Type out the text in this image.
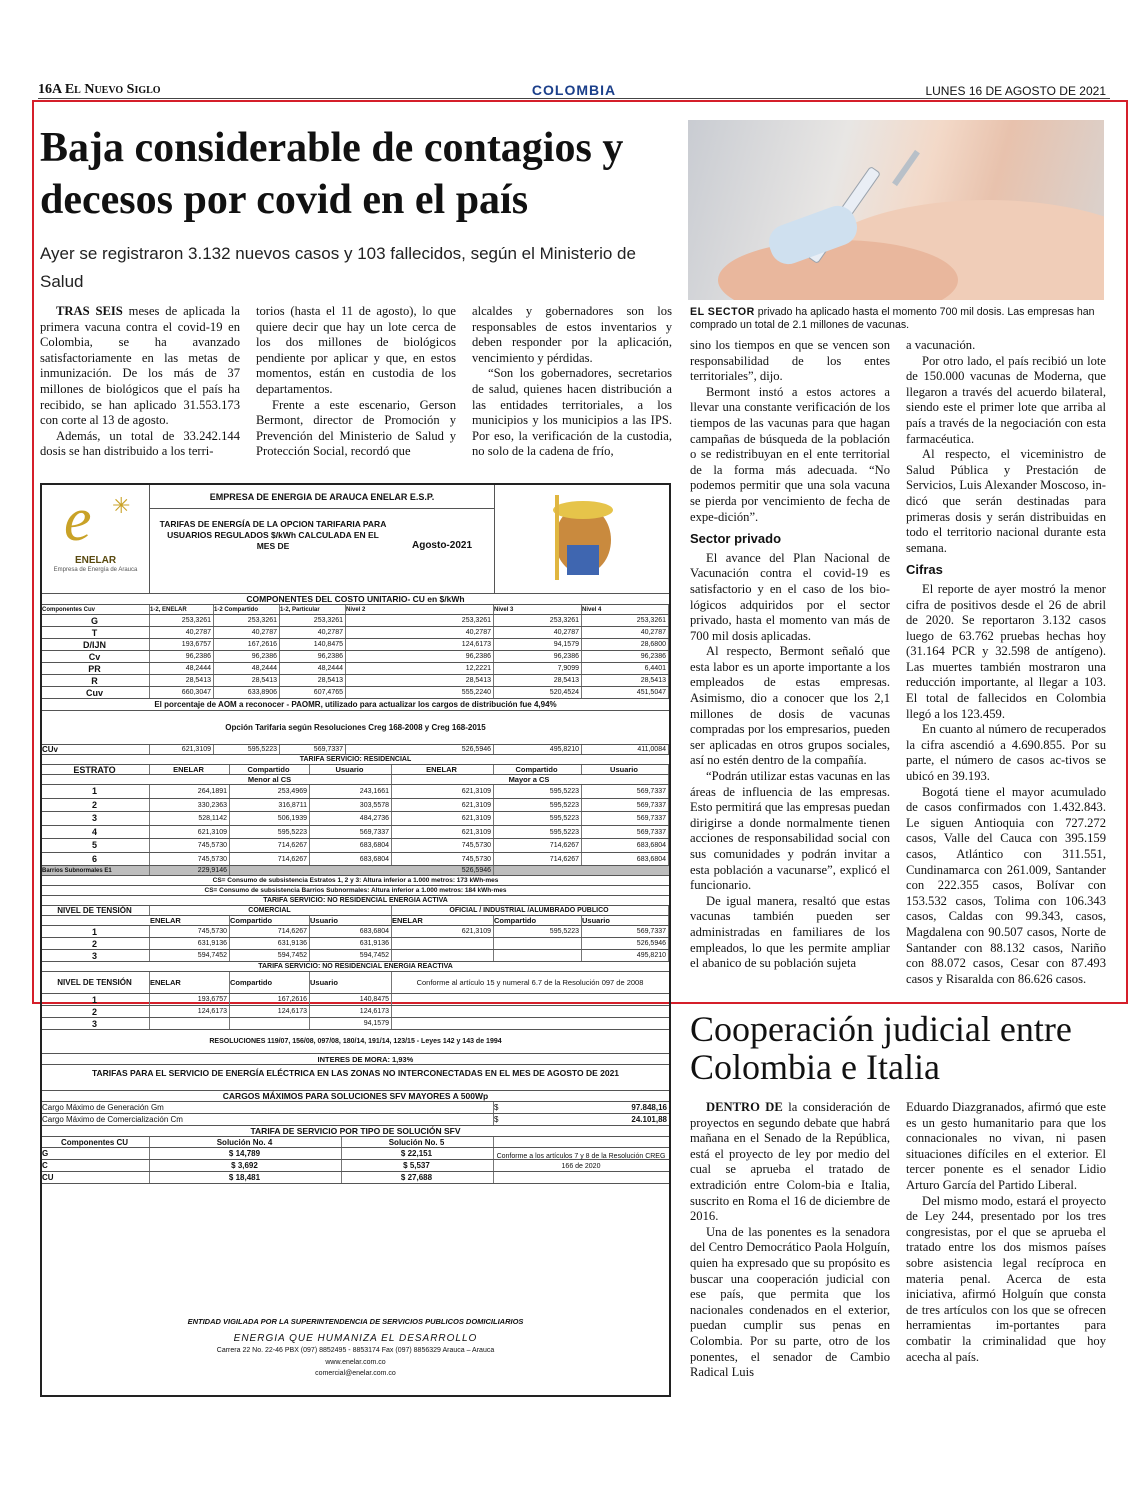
16A El Nuevo Siglo	COLOMBIA	LUNES 16 DE AGOSTO DE 2021
Baja considerable de contagios y decesos por covid en el país
Ayer se registraron 3.132 nuevos casos y 103 fallecidos, según el Ministerio de Salud

TRAS SEIS meses de aplicada la primera vacuna contra el covid-19 en Colombia, se ha avanzado satisfactoriamente en las metas de inmunización. De los más de 37 millones de biológicos que el país ha recibido, se han aplicado 31.553.173 con corte al 13 de agosto.

Además, un total de 33.242.144 dosis se han distribuido a los terri-

torios (hasta el 11 de agosto), lo que quiere decir que hay un lote cerca de los dos millones de biológicos pendiente por aplicar y que, en estos momentos, están en custodia de los departamentos.

Frente a este escenario, Gerson Bermont, director de Promoción y Prevención del Ministerio de Salud y Protección Social, recordó que

alcaldes y gobernadores son los responsables de estos inventarios y deben responder por la aplicación, vencimiento y pérdidas.

“Son los gobernadores, secretarios de salud, quienes hacen distribución a las entidades territoriales, a los municipios y los municipios a las IPS. Por eso, la verificación de la custodia, no solo de la cadena de frío,

EL SECTOR privado ha aplicado hasta el momento 700 mil dosis. Las empresas han comprado un total de 2.1 millones de vacunas.

sino los tiempos en que se vencen son responsabilidad de los entes territoriales”, dijo.

Bermont instó a estos actores a llevar una constante verificación de los tiempos de las vacunas para que hagan campañas de búsqueda de la población o se redistribuyan en el ente territorial de la forma más adecuada. “No podemos permitir que una sola vacuna se pierda por vencimiento de fecha de expe-dición”.

Sector privado

El avance del Plan Nacional de Vacunación contra el covid-19 es satisfactorio y en el caso de los bio-lógicos adquiridos por el sector privado, hasta el momento van más de 700 mil dosis aplicadas.

Al respecto, Bermont señaló que esta labor es un aporte importante a los empleados de estas empresas. Asimismo, dio a conocer que los 2,1 millones de dosis de vacunas compradas por los empresarios, pueden ser aplicadas en otros grupos sociales, así no estén dentro de la compañía.

“Podrán utilizar estas vacunas en las áreas de influencia de las empresas. Esto permitirá que las empresas puedan dirigirse a donde normalmente tienen acciones de responsabilidad social con sus comunidades y podrán invitar a esta población a vacunarse”, explicó el funcionario.

De igual manera, resaltó que estas vacunas también pueden ser administradas en familiares de los empleados, lo que les permite ampliar el abanico de su población sujeta

a vacunación.

Por otro lado, el país recibió un lote de 150.000 vacunas de Moderna, que llegaron a través del acuerdo bilateral, siendo este el primer lote que arriba al país a través de la negociación con esta farmacéutica.

Al respecto, el viceministro de Salud Pública y Prestación de Servicios, Luis Alexander Moscoso, in-dicó que serán destinadas para primeras dosis y serán distribuidas en todo el territorio nacional durante esta semana.

Cifras

El reporte de ayer mostró la menor cifra de positivos desde el 26 de abril de 2020. Se reportaron 3.132 casos luego de 63.762 pruebas hechas hoy (31.164 PCR y 32.598 de antígeno). Las muertes también mostraron una reducción importante, al llegar a 103. El total de fallecidos en Colombia llegó a los 123.459.

En cuanto al número de recuperados la cifra ascendió a 4.690.855. Por su parte, el número de casos ac-tivos se ubicó en 39.193.

Bogotá tiene el mayor acumulado de casos confirmados con 1.432.843. Le siguen Antioquia con 727.272 casos, Valle del Cauca con 395.159 casos, Atlántico con 311.551, Cundinamarca con 261.009, Santander con 222.355 casos, Bolívar con 153.532 casos, Tolima con 106.343 casos, Caldas con 99.343, casos, Magdalena con 90.507 casos, Norte de Santander con 88.132 casos, Nariño con 88.072 casos, Cesar con 87.493 casos y Risaralda con 86.626 casos.

e ✳
ENELAR
Empresa de Energía de Arauca
EMPRESA DE ENERGIA DE ARAUCA ENELAR E.S.P.
TARIFAS DE ENERGÍA DE LA OPCION TARIFARIA PARA USUARIOS REGULADOS $/kWh CALCULADA EN EL MES DE	Agosto-2021
COMPONENTES DEL COSTO UNITARIO- CU en $/kWh
Componentes Cuv	1-2, ENELAR	1-2 Compartido	1-2, Particular	Nivel 2	Nivel 3	Nivel 4
G	253,3261	253,3261	253,3261	253,3261	253,3261	253,3261
T	40,2787	40,2787	40,2787	40,2787	40,2787	40,2787
D/IJN	193,6757	167,2616	140,8475	124,6173	94,1579	28,6800
Cv	96,2386	96,2386	96,2386	96,2386	96,2386	96,2386
PR	48,2444	48,2444	48,2444	12,2221	7,9099	6,4401
R	28,5413	28,5413	28,5413	28,5413	28,5413	28,5413
Cuv	660,3047	633,8906	607,4765	555,2240	520,4524	451,5047
El porcentaje de AOM a reconocer - PAOMR, utilizado para actualizar los cargos de distribución fue 4,94%
Opción Tarifaria según Resoluciones Creg 168-2008 y Creg 168-2015
CUv	621,3109	595,5223	569,7337	526,5946	495,8210	411,0084
TARIFA SERVICIO: RESIDENCIAL
ESTRATO	ENELAR	Compartido	Usuario	ENELAR	Compartido	Usuario
Menor al CS	Mayor a CS
1	264,1891	253,4969	243,1661	621,3109	595,5223	569,7337
2	330,2363	316,8711	303,5578	621,3109	595,5223	569,7337
3	528,1142	506,1939	484,2736	621,3109	595,5223	569,7337
4	621,3109	595,5223	569,7337	621,3109	595,5223	569,7337
5	745,5730	714,6267	683,6804	745,5730	714,6267	683,6804
6	745,5730	714,6267	683,6804	745,5730	714,6267	683,6804
Barrios Subnormales E1	229,9146	526,5946
CS= Consumo de subsistencia Estratos 1, 2 y 3: Altura inferior a 1.000 metros: 173 kWh-mes
CS= Consumo de subsistencia Barrios Subnormales: Altura inferior a 1.000 metros: 184 kWh-mes
TARIFA SERVICIO: NO RESIDENCIAL ENERGIA ACTIVA
NIVEL DE TENSIÓN	COMERCIAL	OFICIAL / INDUSTRIAL /ALUMBRADO PÚBLICO
ENELAR	Compartido	Usuario	ENELAR	Compartido	Usuario
1	745,5730	714,6267	683,6804	621,3109	595,5223	569,7337
2	631,9136	631,9136	631,9136	526,5946
3	594,7452	594,7452	594,7452	495,8210
TARIFA SERVICIO: NO RESIDENCIAL ENERGIA REACTIVA
NIVEL DE TENSIÓN	ENELAR	Compartido	Usuario
1	193,6757	167,2616	140,8475
2	124,6173	124,6173	124,6173
3	94,1579
Conforme al artículo 15 y numeral 6.7 de la Resolución 097 de 2008
RESOLUCIONES 119/07, 156/08, 097/08, 180/14, 191/14, 123/15 - Leyes 142 y 143 de 1994
INTERES DE MORA: 1,93%
TARIFAS PARA EL SERVICIO DE ENERGÍA ELÉCTRICA EN LAS ZONAS NO INTERCONECTADAS EN EL MES DE AGOSTO DE 2021
CARGOS MÁXIMOS PARA SOLUCIONES SFV MAYORES A 500Wp
Cargo Máximo de Generación Gm	$	97.848,16
Cargo Máximo de Comercialización Cm	$	24.101,88
TARIFA DE SERVICIO POR TIPO DE SOLUCIÓN SFV
Componentes CU	Solución No. 4	Solución No. 5
G	$ 14,789	$ 22,151
C	$ 3,692	$ 5,537
CU	$ 18,481	$ 27,688
Conforme a los artículos 7 y 8 de la Resolución CREG 166 de 2020
ENTIDAD VIGILADA POR LA SUPERINTENDENCIA DE SERVICIOS PUBLICOS DOMICILIARIOS
ENERGIA QUE HUMANIZA EL DESARROLLO
Carrera 22 No. 22-46 PBX (097) 8852495 - 8853174 Fax (097) 8856329 Arauca – Arauca
www.enelar.com.co
comercial@enelar.com.co
Cooperación judicial entre Colombia e Italia

DENTRO DE la consideración de proyectos en segundo debate que habrá mañana en el Senado de la República, está el proyecto de ley por medio del cual se aprueba el tratado de extradición entre Colom-bia e Italia, suscrito en Roma el 16 de diciembre de 2016.

Una de las ponentes es la senadora del Centro Democrático Paola Holguín, quien ha expresado que su propósito es buscar una cooperación judicial con ese país, que permita que los nacionales condenados en el exterior, puedan cumplir sus penas en Colombia. Por su parte, otro de los ponentes, el senador de Cambio Radical Luis

Eduardo Diazgranados, afirmó que este es un gesto humanitario para que los connacionales no vivan, ni pasen situaciones difíciles en el exterior. El tercer ponente es el senador Lidio Arturo García del Partido Liberal.

Del mismo modo, estará el proyecto de Ley 244, presentado por los tres congresistas, por el que se aprueba el tratado entre los dos mismos países sobre asistencia legal recíproca en materia penal. Acerca de esta iniciativa, afirmó Holguín que consta de tres artículos con los que se ofrecen herramientas im-portantes para combatir la criminalidad que hoy acecha al país.
